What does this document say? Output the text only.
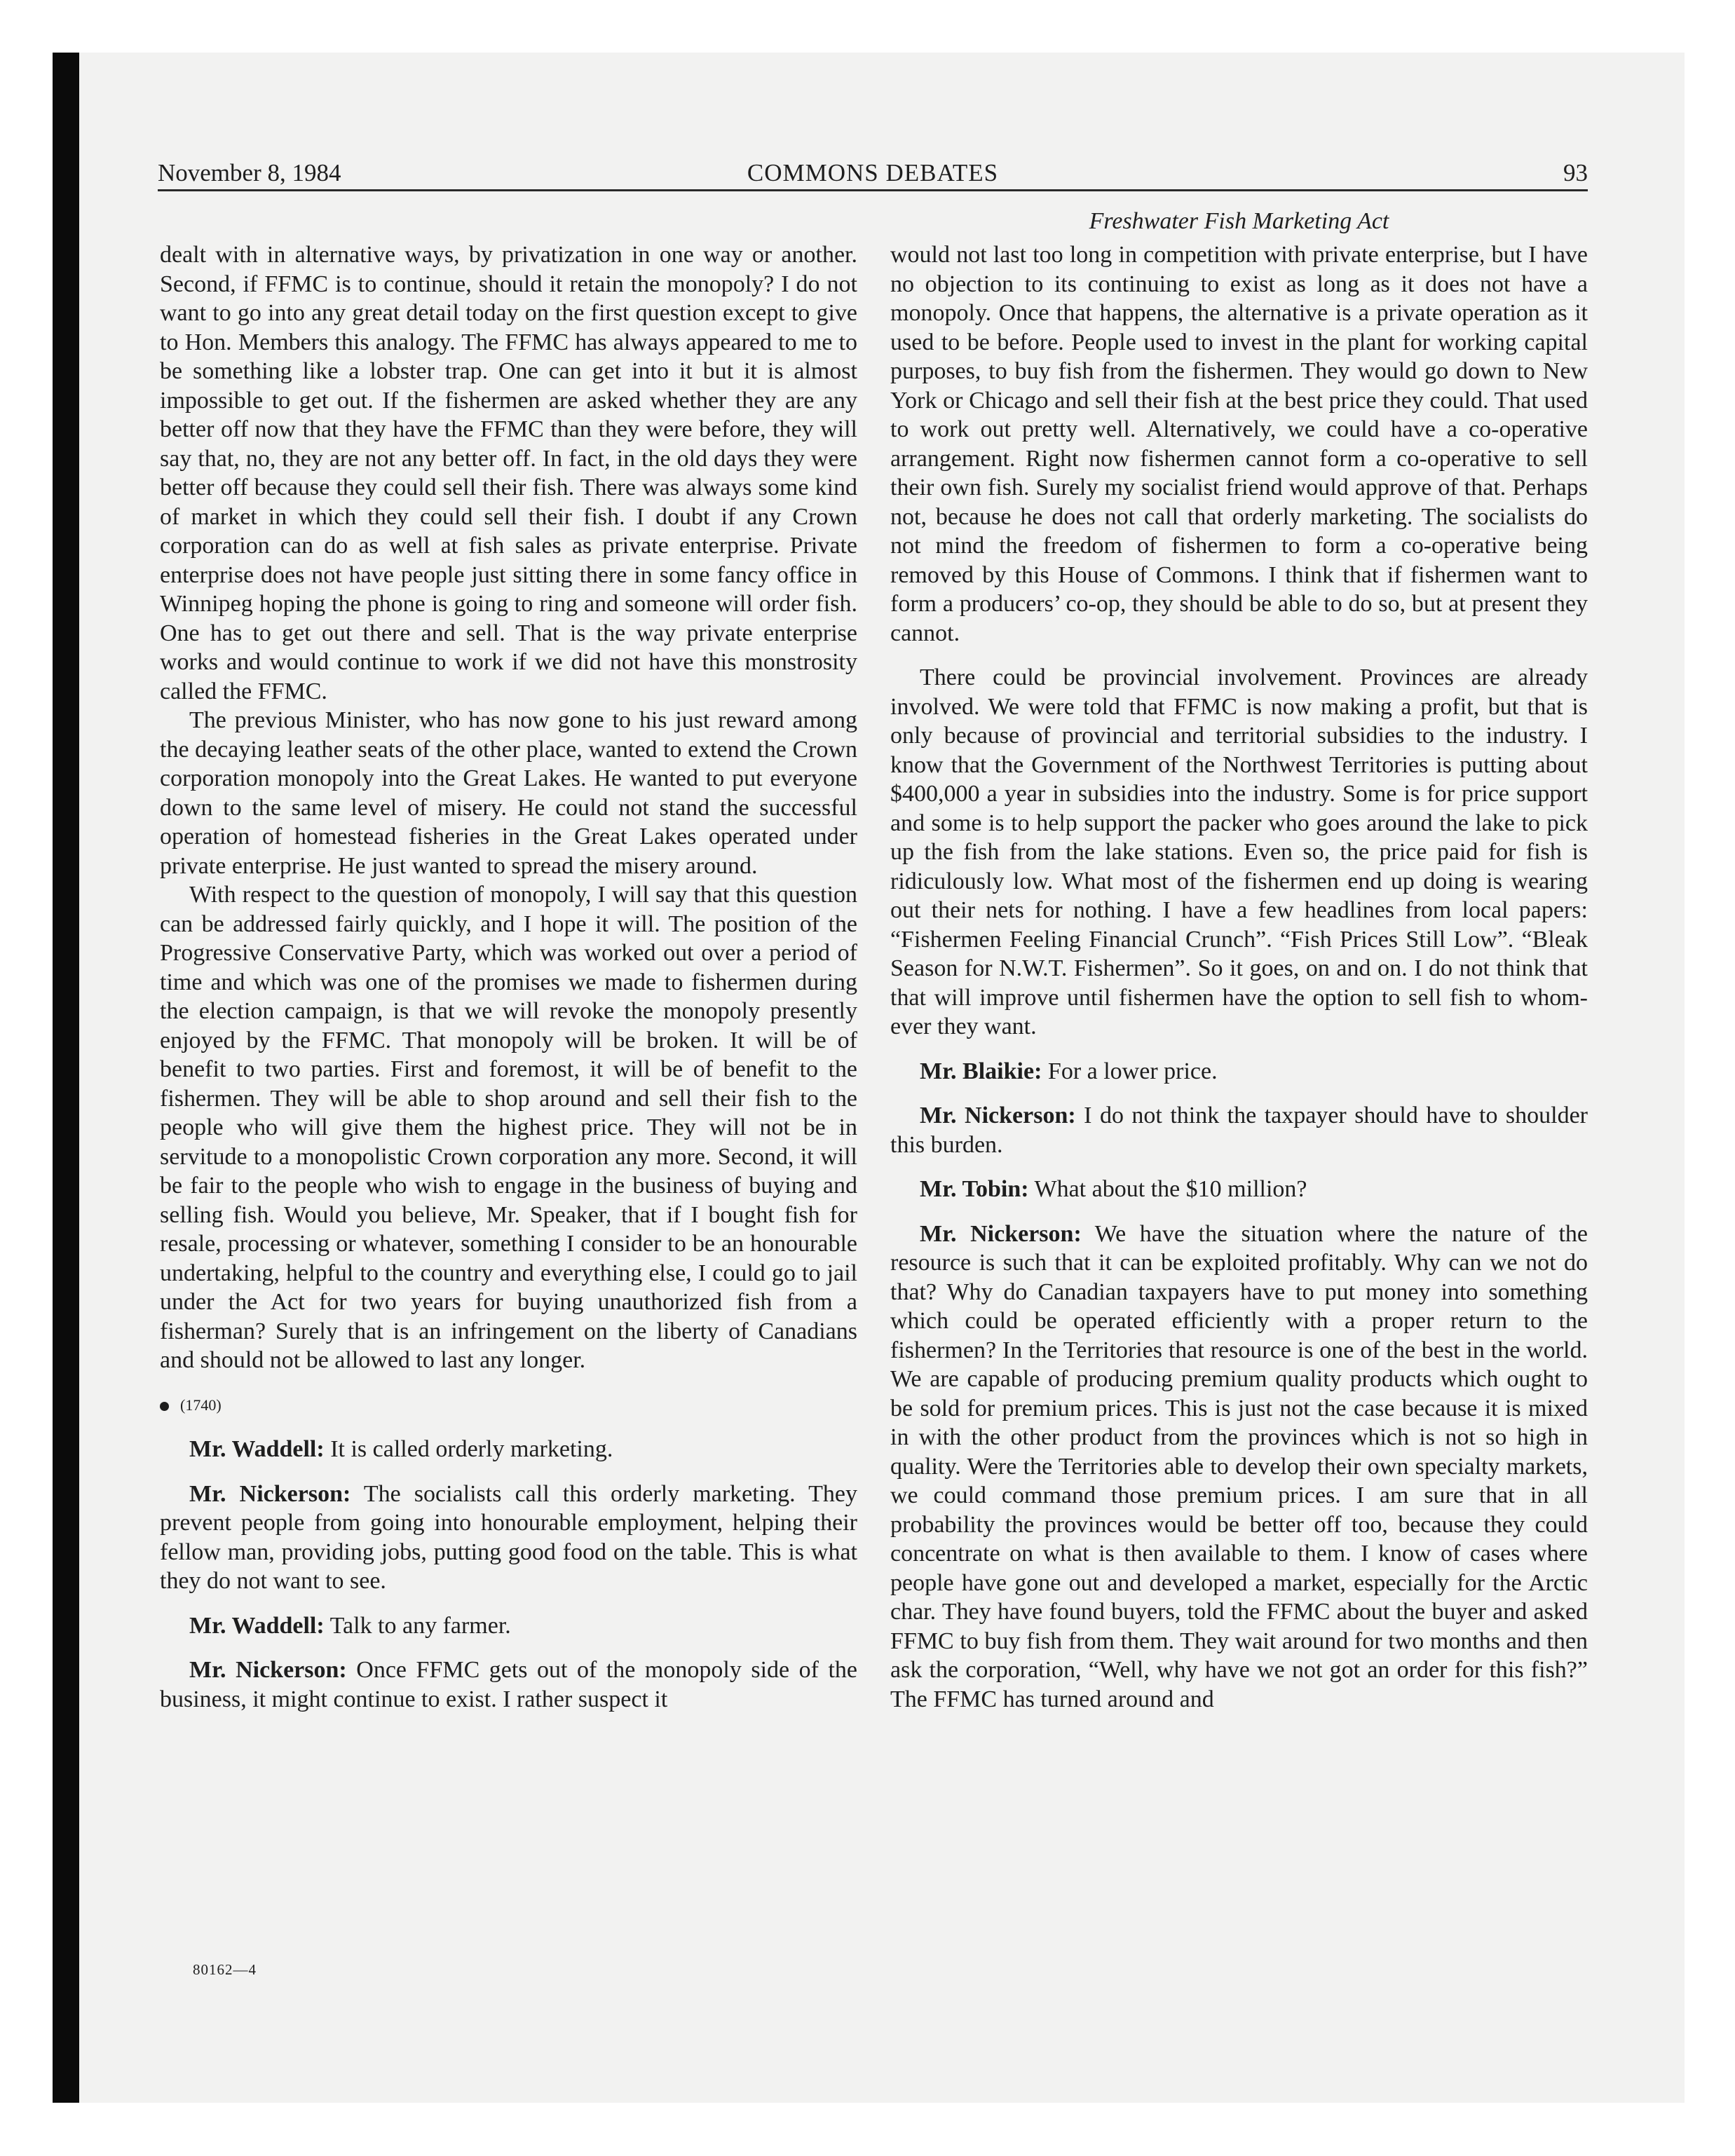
November 8, 1984	COMMONS DEBATES	93
Freshwater Fish Marketing Act

dealt with in alternative ways, by privatization in one way or another. Second, if FFMC is to continue, should it retain the monopoly? I do not want to go into any great detail today on the first question except to give to Hon. Members this analogy. The FFMC has always appeared to me to be something like a lobster trap. One can get into it but it is almost impossible to get out. If the fishermen are asked whether they are any better off now that they have the FFMC than they were before, they will say that, no, they are not any better off. In fact, in the old days they were better off because they could sell their fish. There was always some kind of market in which they could sell their fish. I doubt if any Crown corporation can do as well at fish sales as private enterprise. Private enterprise does not have people just sitting there in some fancy office in Winnipeg hoping the phone is going to ring and someone will order fish. One has to get out there and sell. That is the way private enterprise works and would continue to work if we did not have this monstrosity called the FFMC.

The previous Minister, who has now gone to his just reward among the decaying leather seats of the other place, wanted to extend the Crown corporation monopoly into the Great Lakes. He wanted to put everyone down to the same level of misery. He could not stand the successful operation of homestead fisheries in the Great Lakes operated under private enterprise. He just wanted to spread the misery around.

With respect to the question of monopoly, I will say that this question can be addressed fairly quickly, and I hope it will. The position of the Progressive Conservative Party, which was worked out over a period of time and which was one of the promises we made to fishermen during the election campaign, is that we will revoke the monopoly presently enjoyed by the FFMC. That monopoly will be broken. It will be of benefit to two parties. First and foremost, it will be of benefit to the fishermen. They will be able to shop around and sell their fish to the people who will give them the highest price. They will not be in servitude to a monopolistic Crown corporation any more. Second, it will be fair to the people who wish to engage in the business of buying and selling fish. Would you believe, Mr. Speaker, that if I bought fish for resale, processing or whatever, something I consider to be an honourable undertaking, helpful to the country and everything else, I could go to jail under the Act for two years for buying unauthorized fish from a fisherman? Surely that is an infringement on the liberty of Canadians and should not be allowed to last any longer.

(1740)

Mr. Waddell: It is called orderly marketing.

Mr. Nickerson: The socialists call this orderly marketing. They prevent people from going into honourable employment, helping their fellow man, providing jobs, putting good food on the table. This is what they do not want to see.

Mr. Waddell: Talk to any farmer.

Mr. Nickerson: Once FFMC gets out of the monopoly side of the business, it might continue to exist. I rather suspect it

would not last too long in competition with private enterprise, but I have no objection to its continuing to exist as long as it does not have a monopoly. Once that happens, the alternative is a private operation as it used to be before. People used to invest in the plant for working capital purposes, to buy fish from the fishermen. They would go down to New York or Chicago and sell their fish at the best price they could. That used to work out pretty well. Alternatively, we could have a co-operative arrangement. Right now fishermen cannot form a co-operative to sell their own fish. Surely my socialist friend would approve of that. Perhaps not, because he does not call that orderly marketing. The socialists do not mind the freedom of fishermen to form a co-operative being removed by this House of Commons. I think that if fishermen want to form a producers’ co-op, they should be able to do so, but at present they cannot.

There could be provincial involvement. Provinces are already involved. We were told that FFMC is now making a profit, but that is only because of provincial and territorial subsidies to the industry. I know that the Government of the Northwest Territories is putting about $400,000 a year in subsidies into the industry. Some is for price support and some is to help support the packer who goes around the lake to pick up the fish from the lake stations. Even so, the price paid for fish is ridiculously low. What most of the fishermen end up doing is wearing out their nets for nothing. I have a few headlines from local papers: “Fishermen Feeling Financial Crunch”. “Fish Prices Still Low”. “Bleak Season for N.W.T. Fishermen”. So it goes, on and on. I do not think that that will improve until fishermen have the option to sell fish to whomever they want.

Mr. Blaikie: For a lower price.

Mr. Nickerson: I do not think the taxpayer should have to shoulder this burden.

Mr. Tobin: What about the $10 million?

Mr. Nickerson: We have the situation where the nature of the resource is such that it can be exploited profitably. Why can we not do that? Why do Canadian taxpayers have to put money into something which could be operated efficiently with a proper return to the fishermen? In the Territories that resource is one of the best in the world. We are capable of producing premium quality products which ought to be sold for premium prices. This is just not the case because it is mixed in with the other product from the provinces which is not so high in quality. Were the Territories able to develop their own specialty markets, we could command those premium prices. I am sure that in all probability the provinces would be better off too, because they could concentrate on what is then available to them. I know of cases where people have gone out and developed a market, especially for the Arctic char. They have found buyers, told the FFMC about the buyer and asked FFMC to buy fish from them. They wait around for two months and then ask the corporation, “Well, why have we not got an order for this fish?” The FFMC has turned around and

80162—4
